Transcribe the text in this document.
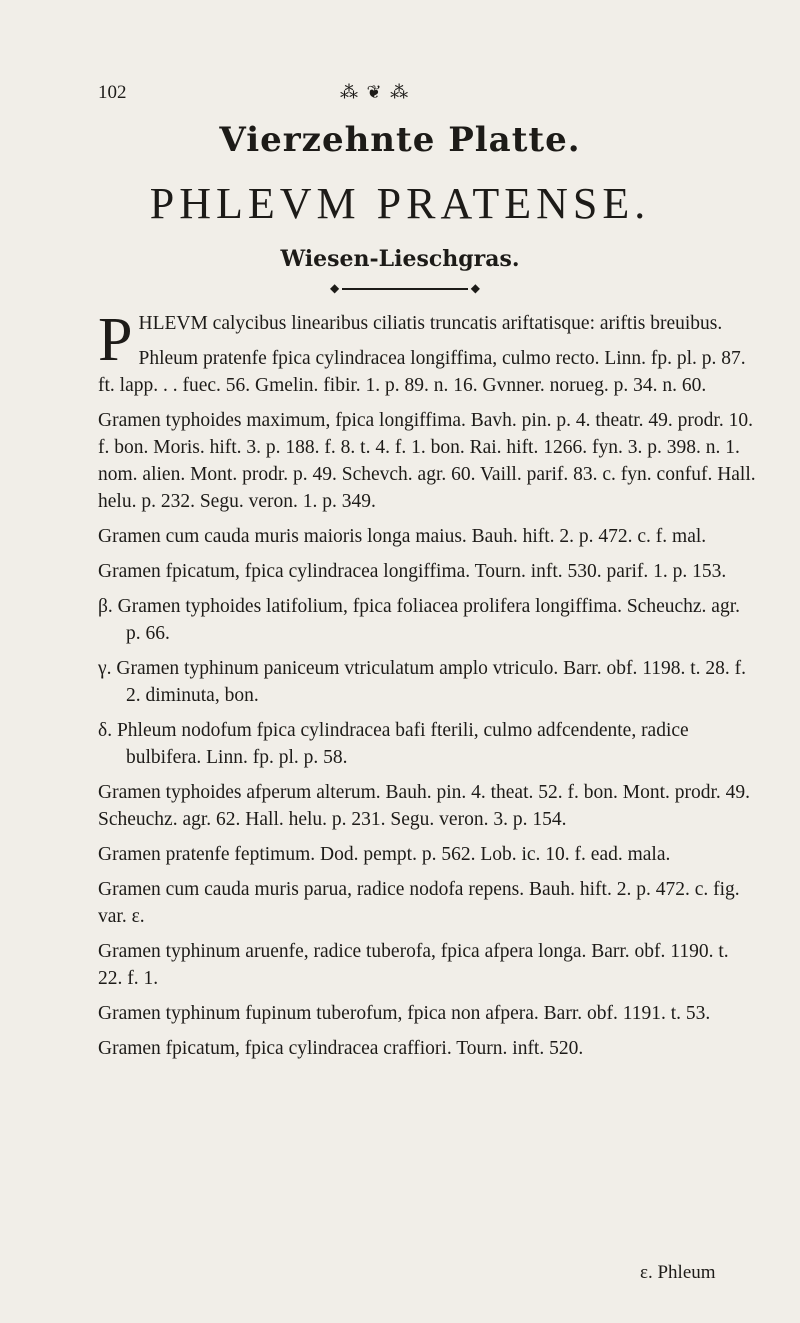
102	⁂ ❦ ⁂
Vierzehnte Platte.
PHLEVM PRATENSE.
Wiesen-Lieschgras.
◆	◆

PHLEVM calycibus linearibus ciliatis truncatis ariftatisque: ariftis breuibus.

Phleum pratenfe fpica cylindracea longiffima, culmo recto. Linn. fp. pl. p. 87. ft. lapp. . . fuec. 56. Gmelin. fibir. 1. p. 89. n. 16. Gvnner. norueg. p. 34. n. 60.

Gramen typhoides maximum, fpica longiffima. Bavh. pin. p. 4. theatr. 49. prodr. 10. f. bon. Moris. hift. 3. p. 188. f. 8. t. 4. f. 1. bon. Rai. hift. 1266. fyn. 3. p. 398. n. 1. nom. alien. Mont. prodr. p. 49. Schevch. agr. 60. Vaill. parif. 83. c. fyn. confuf. Hall. helu. p. 232. Segu. veron. 1. p. 349.

Gramen cum cauda muris maioris longa maius. Bauh. hift. 2. p. 472. c. f. mal.

Gramen fpicatum, fpica cylindracea longiffima. Tourn. inft. 530. parif. 1. p. 153.

β. Gramen typhoides latifolium, fpica foliacea prolifera longiffima. Scheuchz. agr. p. 66.

γ. Gramen typhinum paniceum vtriculatum amplo vtriculo. Barr. obf. 1198. t. 28. f. 2. diminuta, bon.

δ. Phleum nodofum fpica cylindracea bafi fterili, culmo adfcendente, radice bulbifera. Linn. fp. pl. p. 58.

Gramen typhoides afperum alterum. Bauh. pin. 4. theat. 52. f. bon. Mont. prodr. 49. Scheuchz. agr. 62. Hall. helu. p. 231. Segu. veron. 3. p. 154.

Gramen pratenfe feptimum. Dod. pempt. p. 562. Lob. ic. 10. f. ead. mala.

Gramen cum cauda muris parua, radice nodofa repens. Bauh. hift. 2. p. 472. c. fig. var. ε.

Gramen typhinum aruenfe, radice tuberofa, fpica afpera longa. Barr. obf. 1190. t. 22. f. 1.

Gramen typhinum fupinum tuberofum, fpica non afpera. Barr. obf. 1191. t. 53.

Gramen fpicatum, fpica cylindracea craffiori. Tourn. inft. 520.

ε. Phleum
